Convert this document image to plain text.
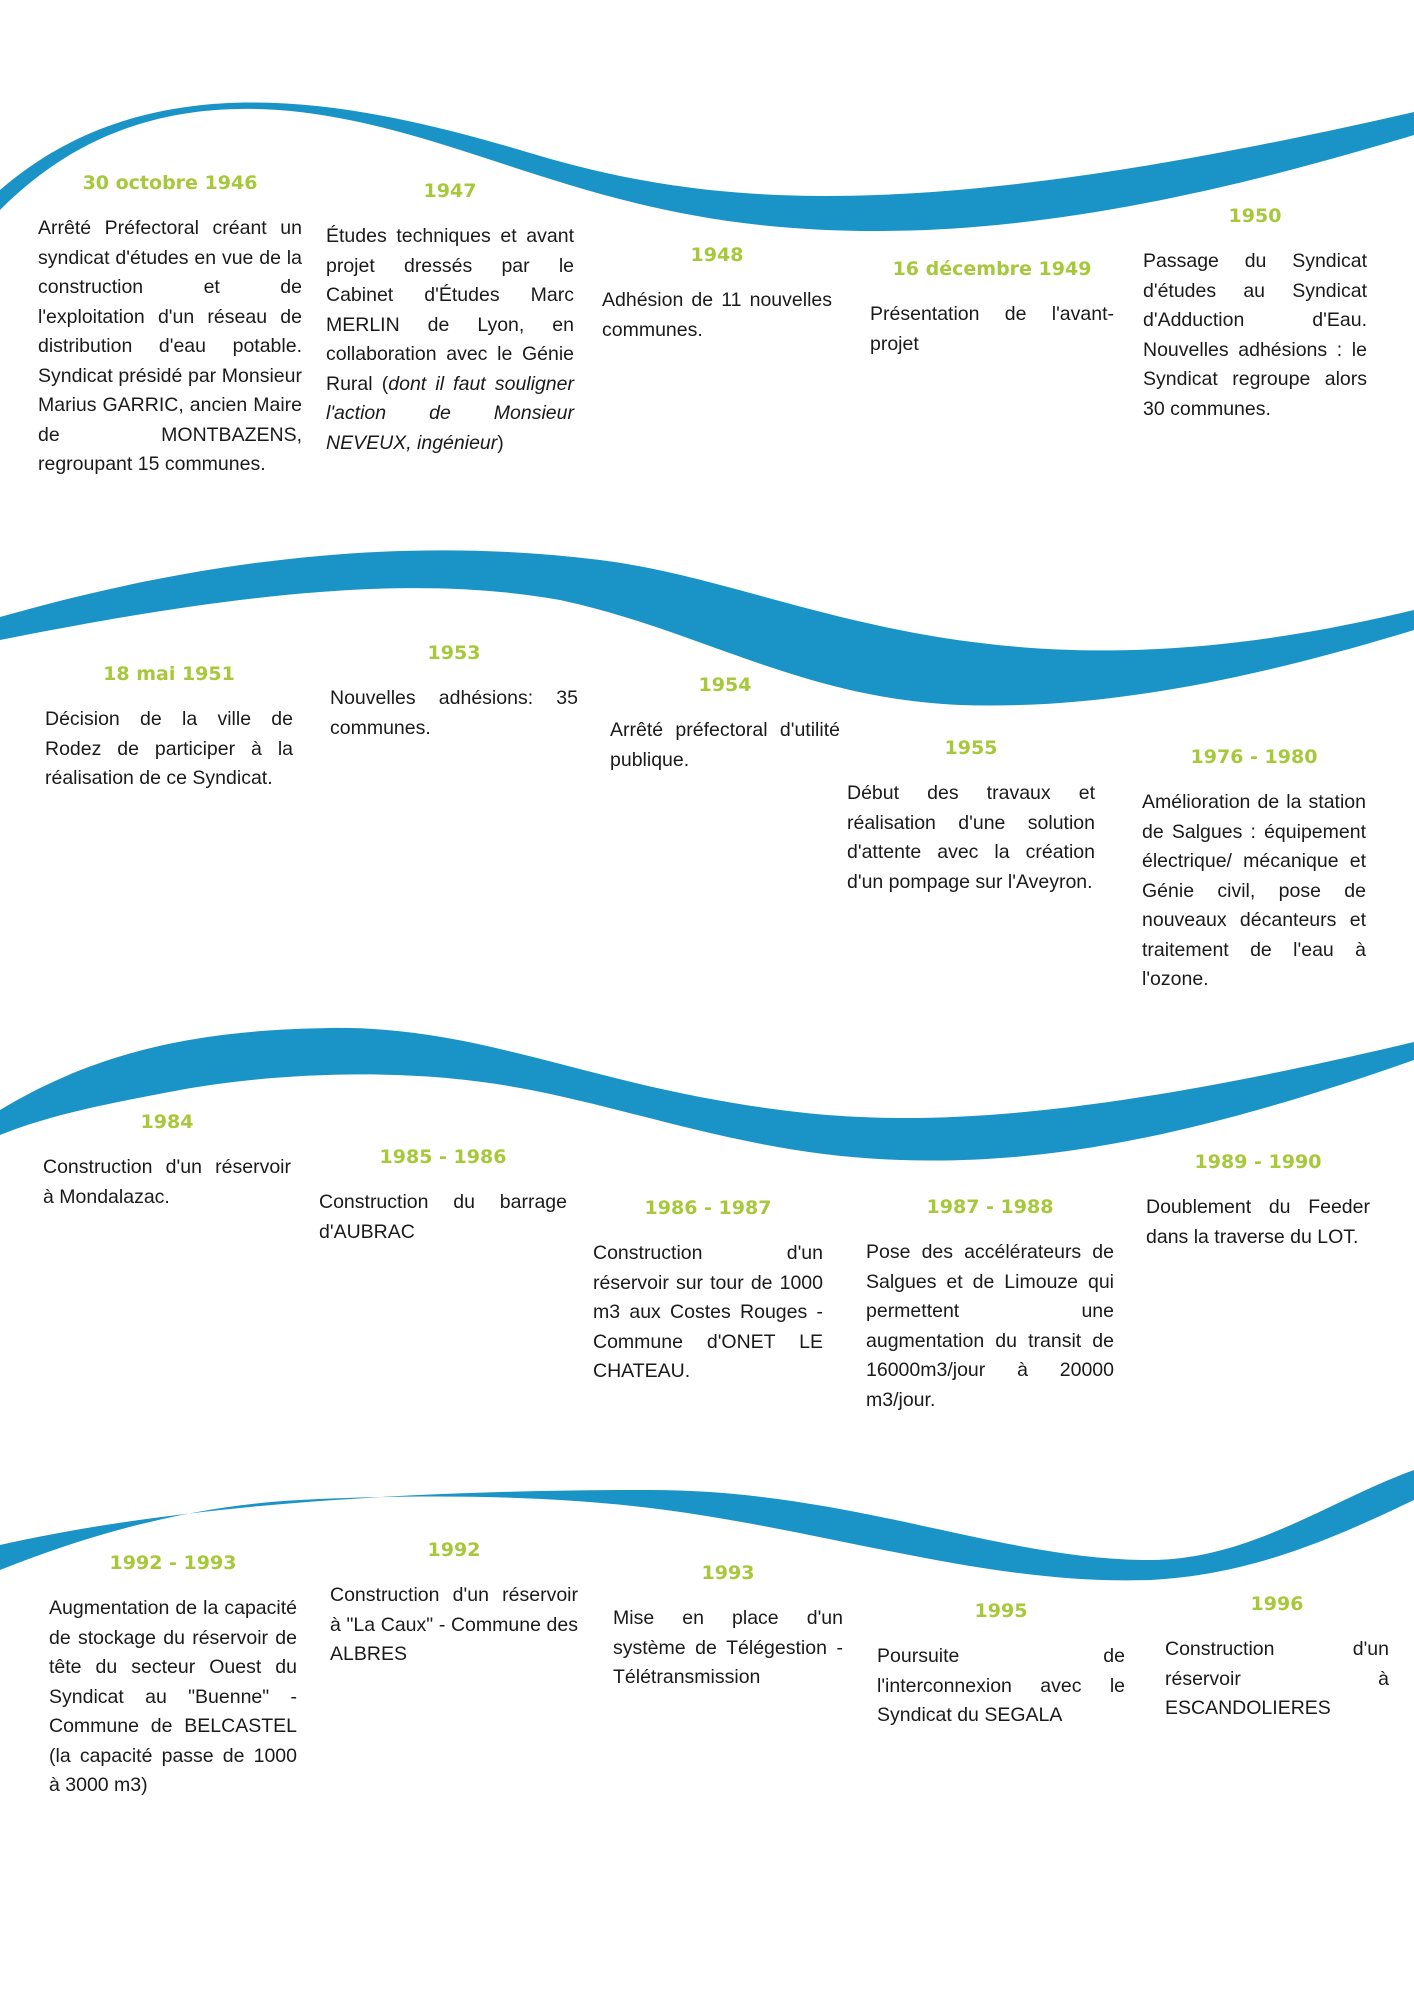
30 octobre 1946

Arrêté Préfectoral créant un syndicat d'études en vue de la construction et de l'exploitation d'un réseau de distribution d'eau potable. Syndicat présidé par Monsieur Marius GARRIC, ancien Maire de MONTBAZENS, regroupant 15 communes.

1947

Études techniques et avant projet dressés par le Cabinet d'Études Marc MERLIN de Lyon, en collaboration avec le Génie Rural (dont il faut souligner l'action de Monsieur NEVEUX, ingénieur)

1948

Adhésion de 11 nouvelles communes.

16 décembre 1949

Présentation de l'avant-projet

1950

Passage du Syndicat d'études au Syndicat d'Adduction d'Eau. Nouvelles adhésions : le Syndicat regroupe alors 30 communes.

18 mai 1951

Décision de la ville de Rodez de participer à la réalisation de ce Syndicat.

1953

Nouvelles adhésions: 35 communes.

1954

Arrêté préfectoral d'utilité publique.

1955

Début des travaux et réalisation d'une solution d'attente avec la création d'un pompage sur l'Aveyron.

1976 - 1980

Amélioration de la station de Salgues : équipement électrique/ mécanique et Génie civil, pose de nouveaux décanteurs et traitement de l'eau à l'ozone.

1984

Construction d'un réservoir à Mondalazac.

1985 - 1986

Construction du barrage d'AUBRAC

1986 - 1987

Construction d'un réservoir sur tour de 1000 m3 aux Costes Rouges - Commune d'ONET LE CHATEAU.

1987 - 1988

Pose des accélérateurs de Salgues et de Limouze qui permettent une augmentation du transit de 16000m3/jour à 20000 m3/jour.

1989 - 1990

Doublement du Feeder dans la traverse du LOT.

1992 - 1993

Augmentation de la capacité de stockage du réservoir de tête du secteur Ouest du Syndicat au "Buenne" - Commune de BELCASTEL (la capacité passe de 1000 à 3000 m3)

1992

Construction d'un réservoir à "La Caux" - Commune des ALBRES

1993

Mise en place d'un système de Télégestion -Télétransmission

1995

Poursuite de l'interconnexion avec le Syndicat du SEGALA

1996

Construction d'un réservoir à ESCANDOLIERES
